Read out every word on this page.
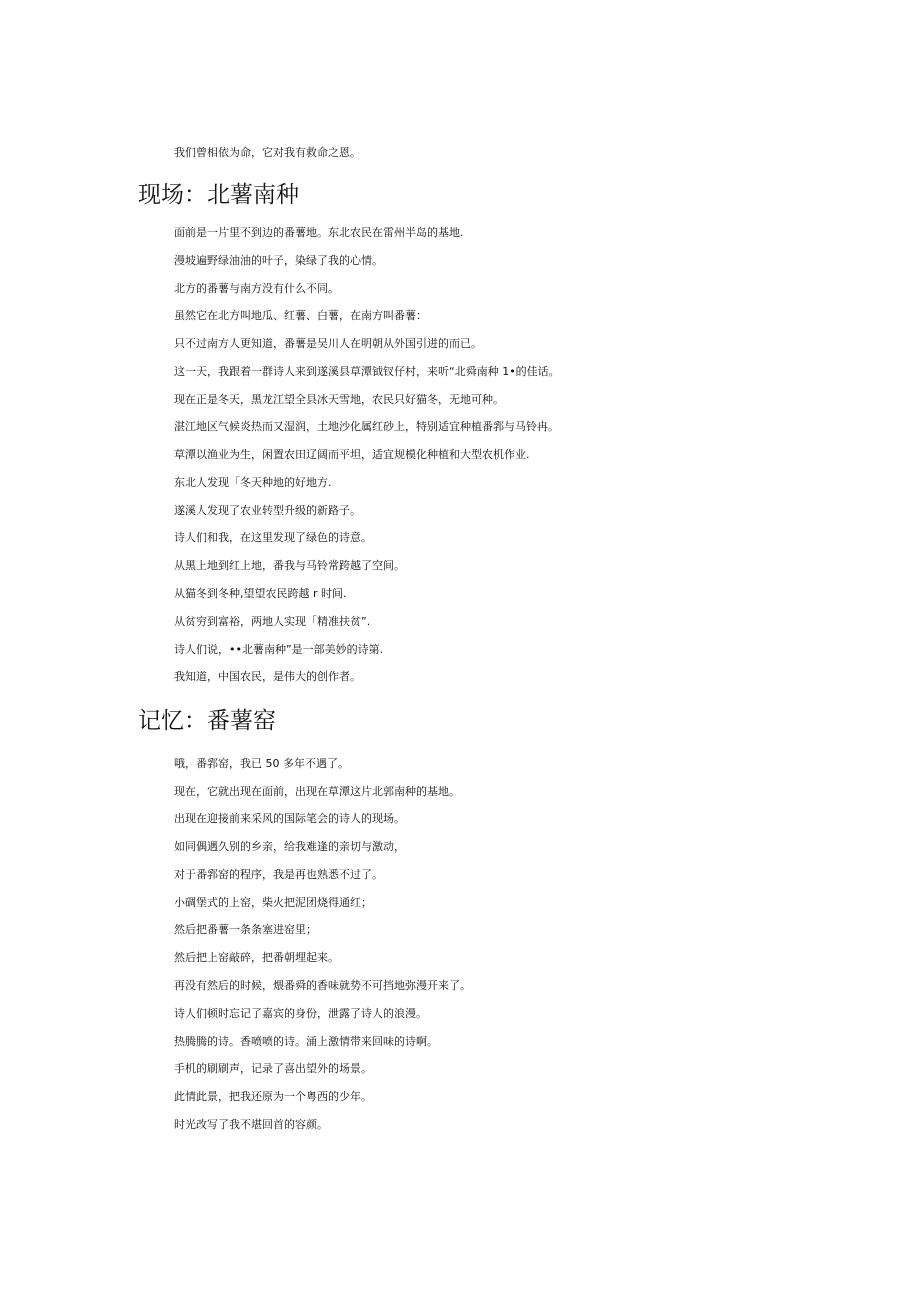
我们曾相依为命，它对我有救命之恩。
现场：北薯南种
面前是一片里不到边的番薯地。东北农民在雷州半岛的基地.
漫坡遍野绿油油的叶子，染绿了我的心情。
北方的番薯与南方没有什么不同。
虽然它在北方叫地瓜、红薯、白薯，在南方叫番薯：
只不过南方人更知道，番薯是吴川人在明朝从外国引进的而已。
这一天，我跟着一群诗人来到遂溪县草潭钺钗仔村，来听“北舜南种 1•的佳话。
现在正是冬天，黑龙江望全县冰天雪地，农民只好猫冬，无地可种。
湛江地区气候炎热而又湿润，土地沙化属红砂上，特别适宜种植番郛与马铃冉。
草潭以渔业为生，闲置农田辽阔而平坦，适宜规模化种植和大型农机作业.
东北人发现「冬天种地的好地方.
遂溪人发现了农业转型升级的新路子。
诗人们和我，在这里发现了绿色的诗意。
从黑上地到红上地，番我与马铃常跨越了空间。
从猫冬到冬种,望望农民跨越 r 时间.
从贫穷到富裕，两地人实现「精准扶贫”.
诗人们说，••北薯南种”是一部美妙的诗第.
我知道，中国农民，是伟大的创作者。
记忆：番薯窑
哦，番郛窑，我已 50 多年不遇了。
现在，它就出现在面前，出现在草潭这片北郭南种的基地。
出现在迎接前来采风的国际笔会的诗人的现场。
如同偶遇久别的乡亲，给我难逢的亲切与激动，
对于番郛窑的程序，我是再也熟悉不过了。
小碉堡式的上窑，柴火把泥团烧得通红；
然后把番薯一条条塞进窑里；
然后把上窑敲碎，把番朝埋起来。
再没有然后的时候，煨番舜的香味就势不可挡地弥漫开来了。
诗人们顿时忘记了嘉宾的身份，泄露了诗人的浪漫。
热腾腾的诗。香喷喷的诗。涌上激情带来回味的诗啊。
手机的刷刷声，记录了喜出望外的场景。
此情此景，把我还原为一个粤西的少年。
时光改写了我不堪回首的容颜。
